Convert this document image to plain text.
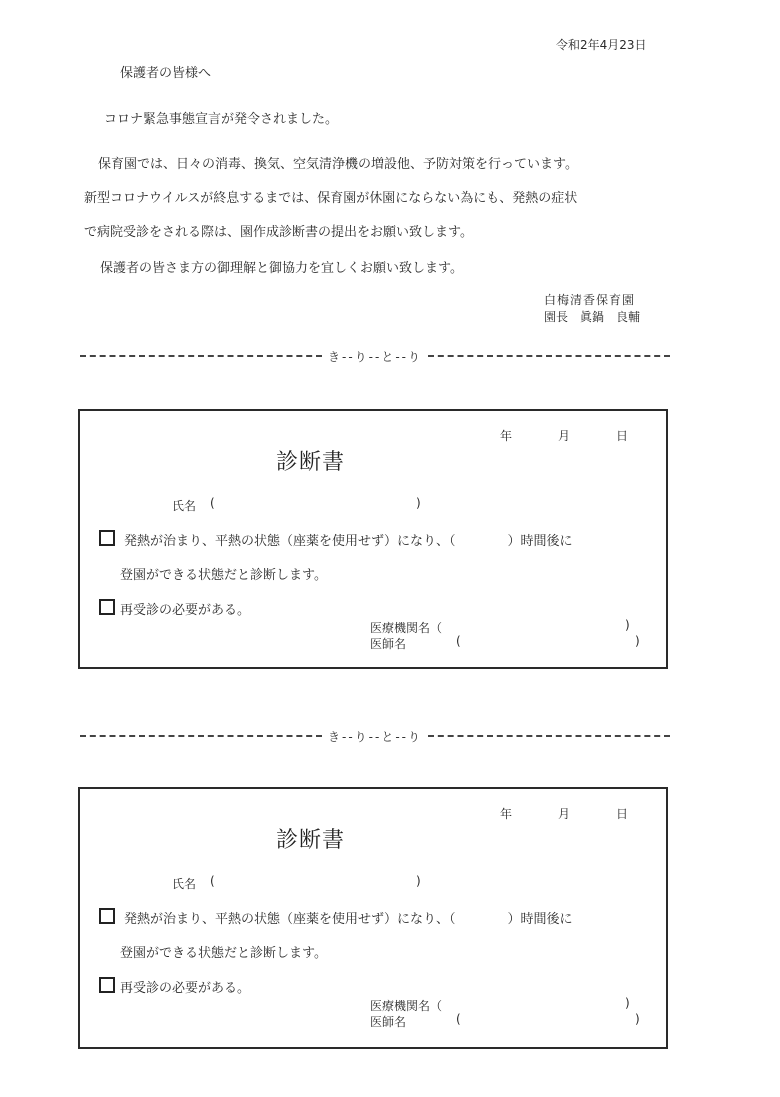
令和2年4月23日
保護者の皆様へ
コロナ緊急事態宣言が発令されました。
保育園では、日々の消毒、換気、空気清浄機の増設他、予防対策を行っています。
新型コロナウイルスが終息するまでは、保育園が休園にならない為にも、発熱の症状
で病院受診をされる際は、園作成診断書の提出をお願い致します。
保護者の皆さま方の御理解と御協力を宜しくお願い致します。
白梅清香保育園
園長　眞鍋　良輔
き‐‐り‐‐と‐‐り
年	月	日
診断書
氏名 (	)
発熱が治まり、平熱の状態（座薬を使用せず）になり、（　　　　）時間後に
登園ができる状態だと診断します。
再受診の必要がある。
医療機関名（	)
医師名	(	)
き‐‐り‐‐と‐‐り
年	月	日
診断書
氏名 (	)
発熱が治まり、平熱の状態（座薬を使用せず）になり、（　　　　）時間後に
登園ができる状態だと診断します。
再受診の必要がある。
医療機関名（	)
医師名	(	)
